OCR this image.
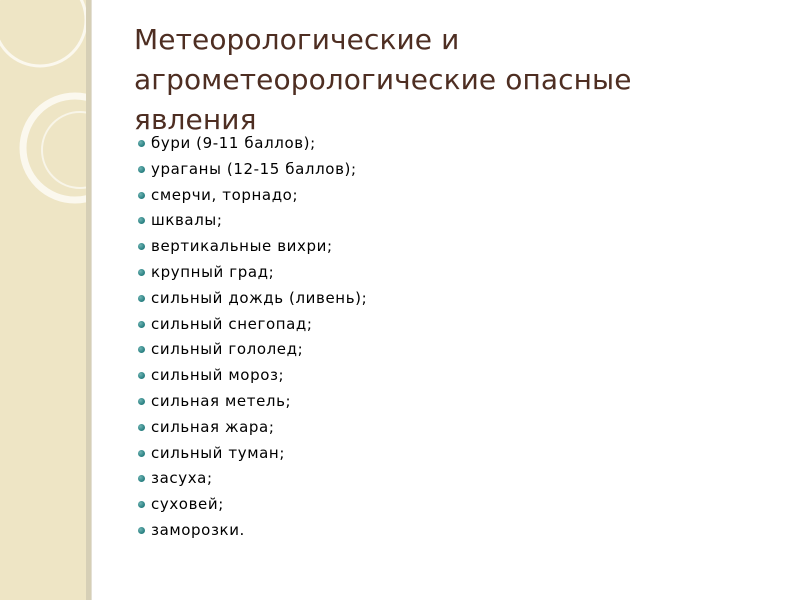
Метеорологические и агрометеорологические опасные явления
бури (9-11 баллов);
ураганы (12-15 баллов);
смерчи, торнадо;
шквалы;
вертикальные вихри;
крупный град;
сильный дождь (ливень);
сильный снегопад;
сильный гололед;
сильный мороз;
сильная метель;
сильная жара;
сильный туман;
засуха;
суховей;
заморозки.
